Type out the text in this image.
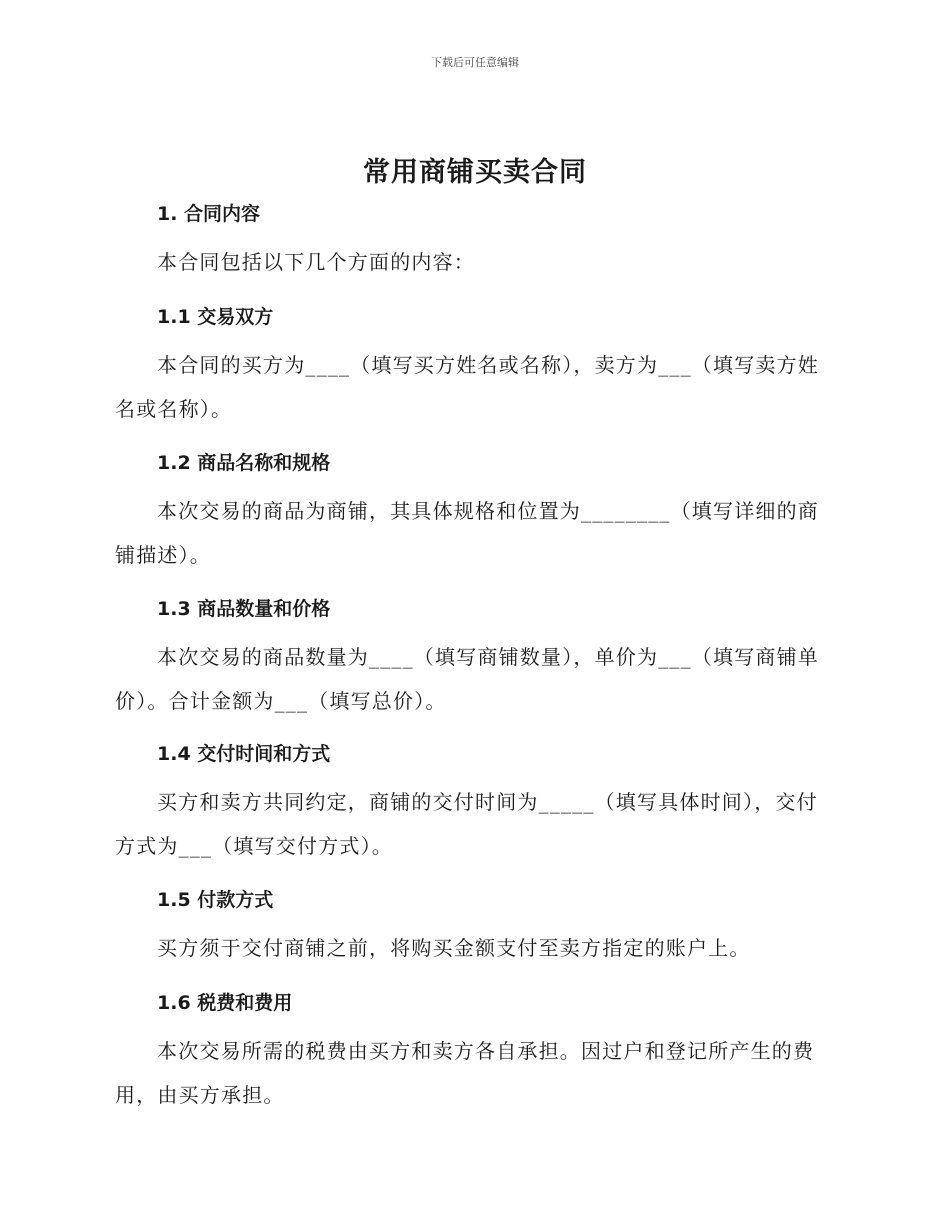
下载后可任意编辑
常用商铺买卖合同
1. 合同内容

本合同包括以下几个方面的内容：

1.1 交易双方

本合同的买方为____（填写买方姓名或名称），卖方为___（填写卖方姓名或名称）。

1.2 商品名称和规格

本次交易的商品为商铺，其具体规格和位置为________（填写详细的商铺描述）。

1.3 商品数量和价格

本次交易的商品数量为____（填写商铺数量），单价为___（填写商铺单价）。合计金额为___（填写总价）。

1.4 交付时间和方式

买方和卖方共同约定，商铺的交付时间为_____（填写具体时间），交付方式为___（填写交付方式）。

1.5 付款方式

买方须于交付商铺之前，将购买金额支付至卖方指定的账户上。

1.6 税费和费用

本次交易所需的税费由买方和卖方各自承担。因过户和登记所产生的费用，由买方承担。
